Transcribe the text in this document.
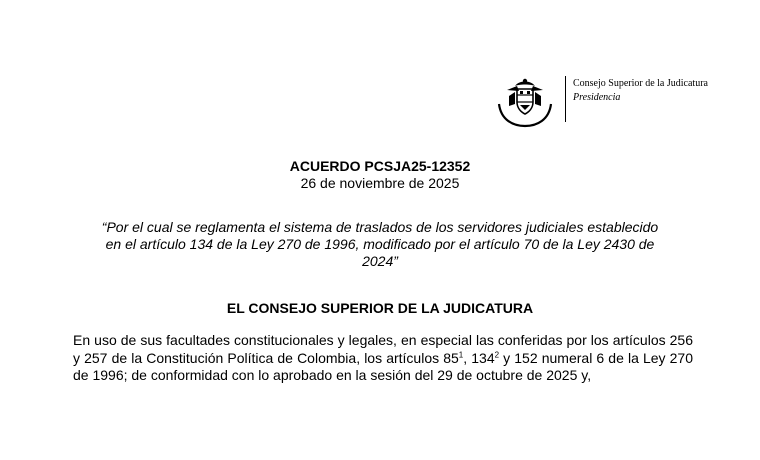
Consejo Superior de la Judicatura
Presidencia
ACUERDO PCSJA25-12352
26 de noviembre de 2025
“Por el cual se reglamenta el sistema de traslados de los servidores judiciales establecido en el artículo 134 de la Ley 270 de 1996, modificado por el artículo 70 de la Ley 2430 de 2024”
EL CONSEJO SUPERIOR DE LA JUDICATURA
En uso de sus facultades constitucionales y legales, en especial las conferidas por los artículos 256 y 257 de la Constitución Política de Colombia, los artículos $85^1$, $134^2$ y 152 numeral 6 de la Ley 270 de 1996; de conformidad con lo aprobado en la sesión del 29 de octubre de 2025 y,
